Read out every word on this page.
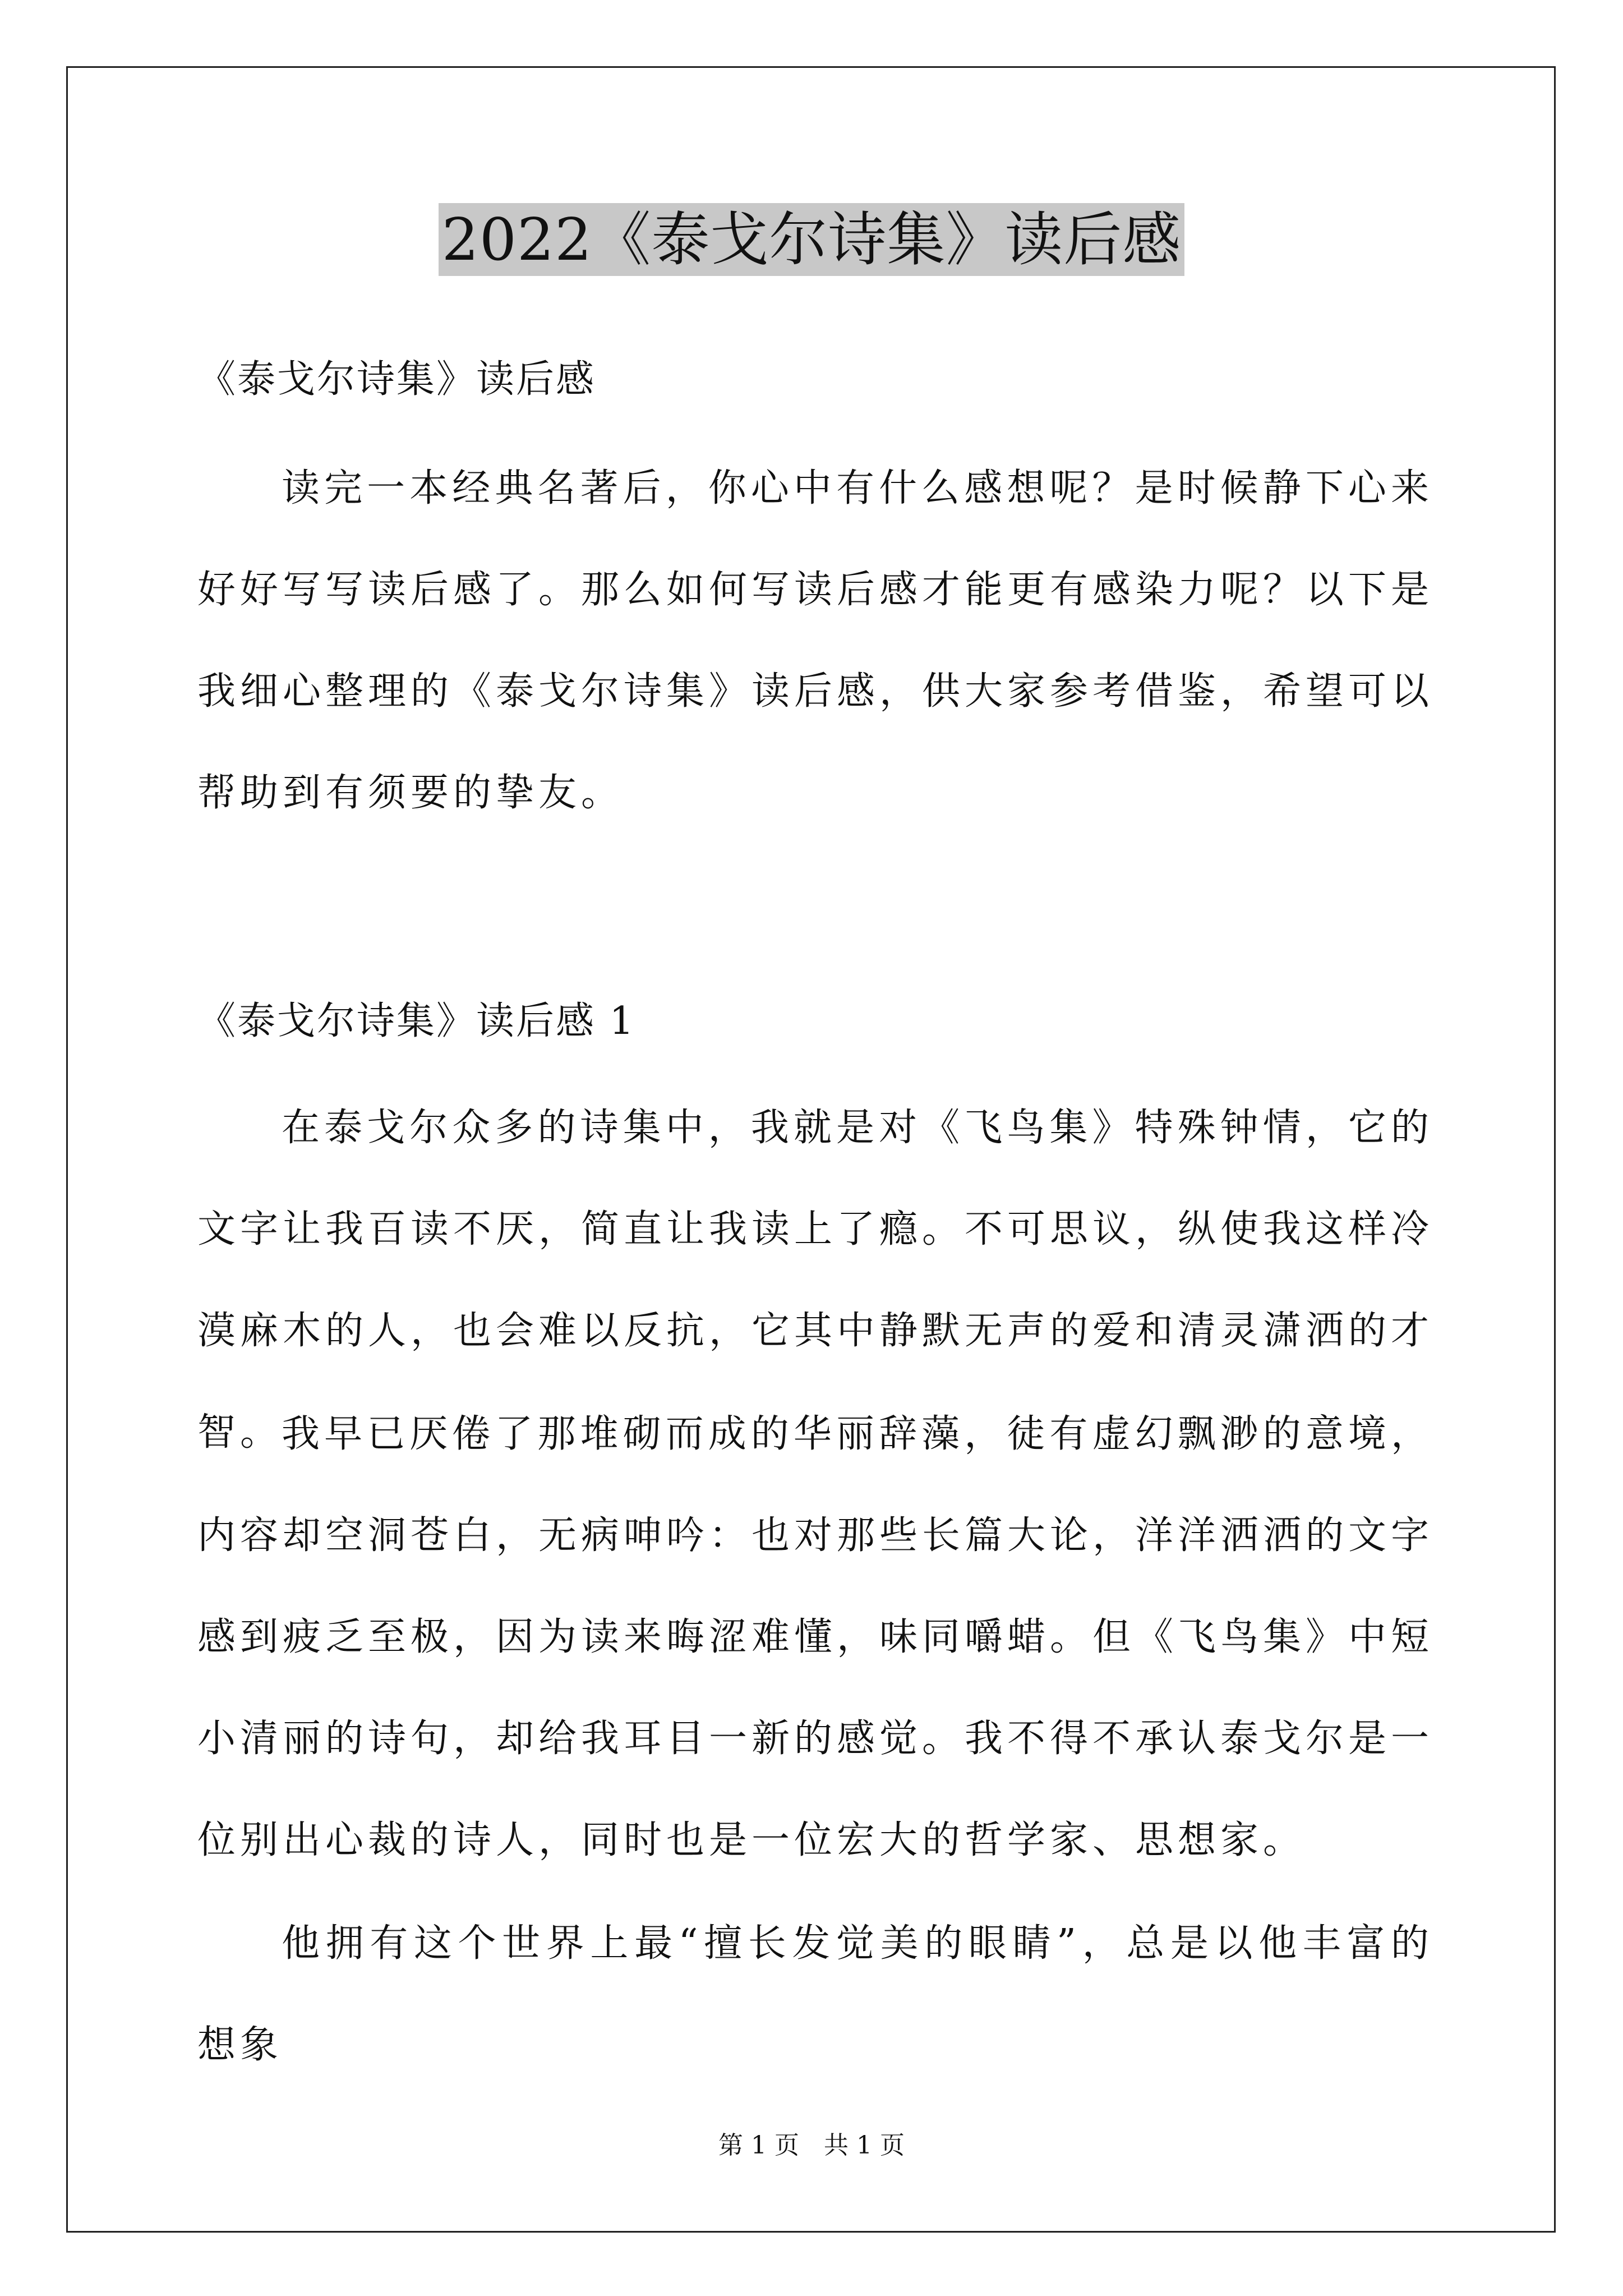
2022《泰戈尔诗集》读后感
《泰戈尔诗集》读后感

读完一本经典名著后，你心中有什么感想呢？是时候静下心来好好写写读后感了。那么如何写读后感才能更有感染力呢？以下是我细心整理的《泰戈尔诗集》读后感，供大家参考借鉴，希望可以帮助到有须要的挚友。

《泰戈尔诗集》读后感 1

在泰戈尔众多的诗集中，我就是对《飞鸟集》特殊钟情，它的文字让我百读不厌，简直让我读上了瘾。不可思议，纵使我这样冷漠麻木的人，也会难以反抗，它其中静默无声的爱和清灵潇洒的才智。

我早已厌倦了那堆砌而成的华丽辞藻，徒有虚幻飘渺的意境，内容却空洞苍白，无病呻吟：也对那些长篇大论，洋洋洒洒的文字感到疲乏至极，因为读来晦涩难懂，味同嚼蜡。但《飞鸟集》中短小清丽的诗句，却给我耳目一新的感觉。我不得不承认泰戈尔是一位别出心裁的诗人，同时也是一位宏大的哲学家、思想家。

他拥有这个世界上最“擅长发觉美的眼睛”，总是以他丰富的想象

第 1 页 共 1 页
